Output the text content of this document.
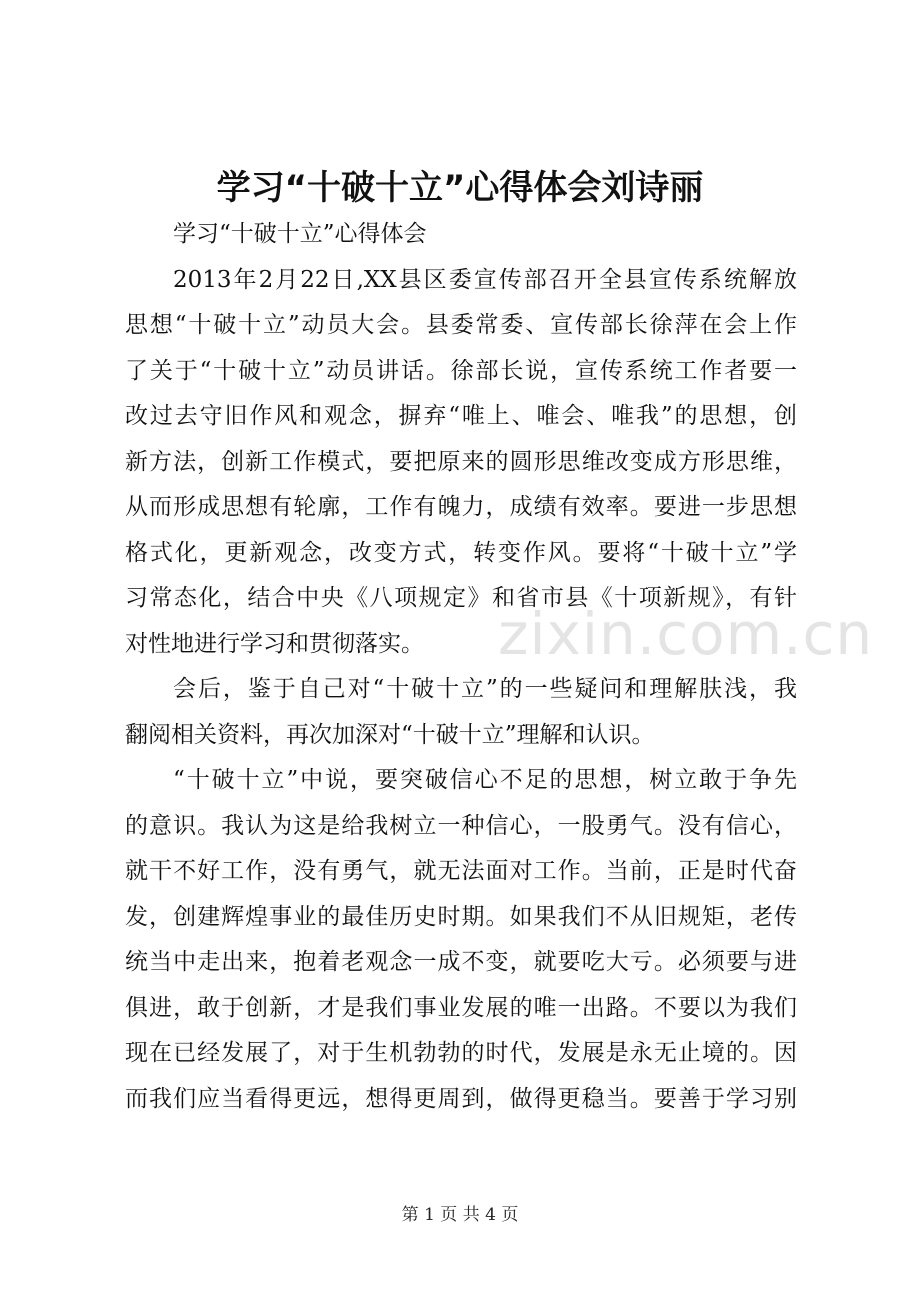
学习“十破十立”心得体会刘诗丽
学习“十破十立”心得体会
2013年2月22日,XX县区委宣传部召开全县宣传系统解放
思想“十破十立”动员大会。县委常委、宣传部长徐萍在会上作
了关于“十破十立”动员讲话。徐部长说，宣传系统工作者要一
改过去守旧作风和观念，摒弃“唯上、唯会、唯我”的思想，创
新方法，创新工作模式，要把原来的圆形思维改变成方形思维，
从而形成思想有轮廓，工作有魄力，成绩有效率。要进一步思想
格式化，更新观念，改变方式，转变作风。要将“十破十立”学
习常态化，结合中央《八项规定》和省市县《十项新规》，有针
对性地进行学习和贯彻落实。
会后，鉴于自己对“十破十立”的一些疑问和理解肤浅，我
翻阅相关资料，再次加深对“十破十立”理解和认识。
“十破十立”中说，要突破信心不足的思想，树立敢于争先
的意识。我认为这是给我树立一种信心，一股勇气。没有信心，
就干不好工作，没有勇气，就无法面对工作。当前，正是时代奋
发，创建辉煌事业的最佳历史时期。如果我们不从旧规矩，老传
统当中走出来，抱着老观念一成不变，就要吃大亏。必须要与进
俱进，敢于创新，才是我们事业发展的唯一出路。不要以为我们
现在已经发展了，对于生机勃勃的时代，发展是永无止境的。因
而我们应当看得更远，想得更周到，做得更稳当。要善于学习别
zixin.com.cn
第 1 页 共 4 页
